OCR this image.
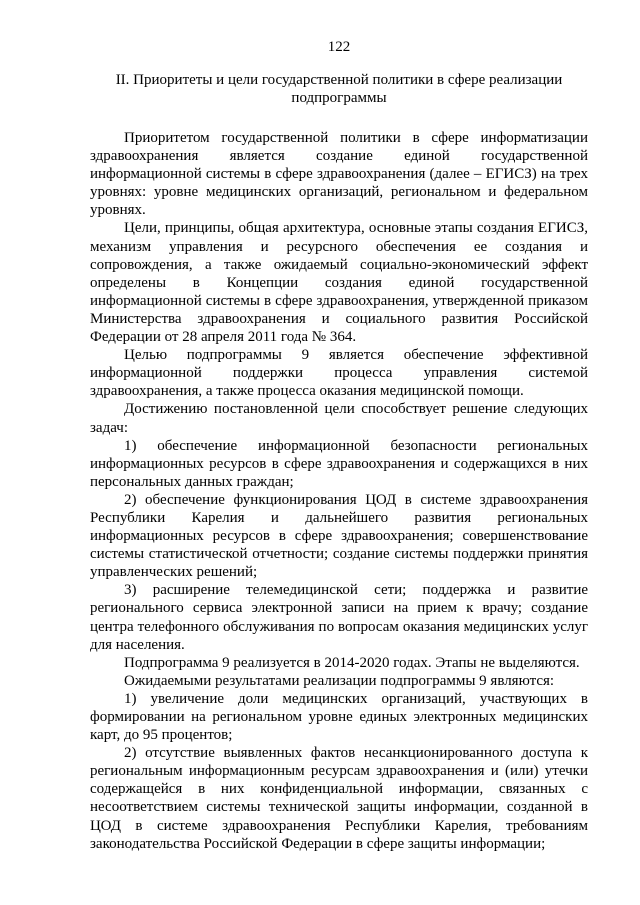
122
II. Приоритеты и цели государственной политики в сфере реализации
подпрограммы

Приоритетом государственной политики в сфере информатизации здравоохранения является создание единой государственной информационной системы в сфере здравоохранения (далее – ЕГИСЗ) на трех уровнях: уровне медицинских организаций, региональном и федеральном уровнях.

Цели, принципы, общая архитектура, основные этапы создания ЕГИСЗ, механизм управления и ресурсного обеспечения ее создания и сопровождения, а также ожидаемый социально-экономический эффект определены в Концепции создания единой государственной информационной системы в сфере здравоохранения, утвержденной приказом Министерства здравоохранения и социального развития Российской Федерации от 28 апреля 2011 года № 364.

Целью подпрограммы 9 является обеспечение эффективной информационной поддержки процесса управления системой здравоохранения, а также процесса оказания медицинской помощи.

Достижению постановленной цели способствует решение следующих задач:

1) обеспечение информационной безопасности региональных информационных ресурсов в сфере здравоохранения и содержащихся в них персональных данных граждан;

2) обеспечение функционирования ЦОД в системе здравоохранения Республики Карелия и дальнейшего развития региональных информационных ресурсов в сфере здравоохранения; совершенствование системы статистической отчетности; создание системы поддержки принятия управленческих решений;

3) расширение телемедицинской сети; поддержка и развитие регионального сервиса электронной записи на прием к врачу; создание центра телефонного обслуживания по вопросам оказания медицинских услуг для населения.

Подпрограмма 9 реализуется в 2014-2020 годах. Этапы не выделяются.

Ожидаемыми результатами реализации подпрограммы 9 являются:

1) увеличение доли медицинских организаций, участвующих в формировании на региональном уровне единых электронных медицинских карт, до 95 процентов;

2) отсутствие выявленных фактов несанкционированного доступа к региональным информационным ресурсам здравоохранения и (или) утечки содержащейся в них конфиденциальной информации, связанных с несоответствием системы технической защиты информации, созданной в ЦОД в системе здравоохранения Республики Карелия, требованиям законодательства Российской Федерации в сфере защиты информации;
